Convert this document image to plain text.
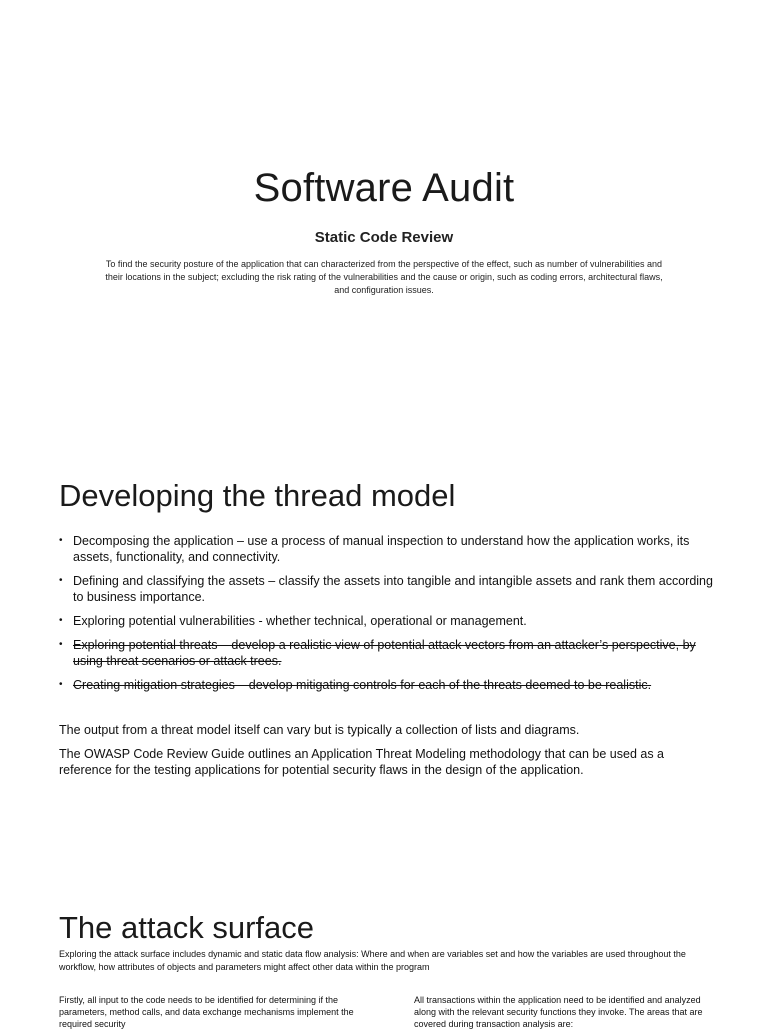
Software Audit
Static Code Review

To find the security posture of the application that can characterized from the perspective of the effect, such as number of vulnerabilities and their locations in the subject; excluding the risk rating of the vulnerabilities and the cause or origin, such as coding errors, architectural flaws, and configuration issues.

Developing the thread model
• Decomposing the application – use a process of manual inspection to understand how the application works, its assets, functionality, and connectivity.
• Defining and classifying the assets – classify the assets into tangible and intangible assets and rank them according to business importance.
• Exploring potential vulnerabilities - whether technical, operational or management.
• Exploring potential threats – develop a realistic view of potential attack vectors from an attacker’s perspective, by using threat scenarios or attack trees.
• Creating mitigation strategies – develop mitigating controls for each of the threats deemed to be realistic.

The output from a threat model itself can vary but is typically a collection of lists and diagrams.

The OWASP Code Review Guide outlines an Application Threat Modeling methodology that can be used as a reference for the testing applications for potential security flaws in the design of the application.

The attack surface

Exploring the attack surface includes dynamic and static data flow analysis: Where and when are variables set and how the variables are used throughout the workflow, how attributes of objects and parameters might affect other data within the program

Firstly, all input to the code needs to be identified for determining if the parameters, method calls, and data exchange mechanisms implement the required security

All transactions within the application need to be identified and analyzed along with the relevant security functions they invoke. The areas that are covered during transaction analysis are:
